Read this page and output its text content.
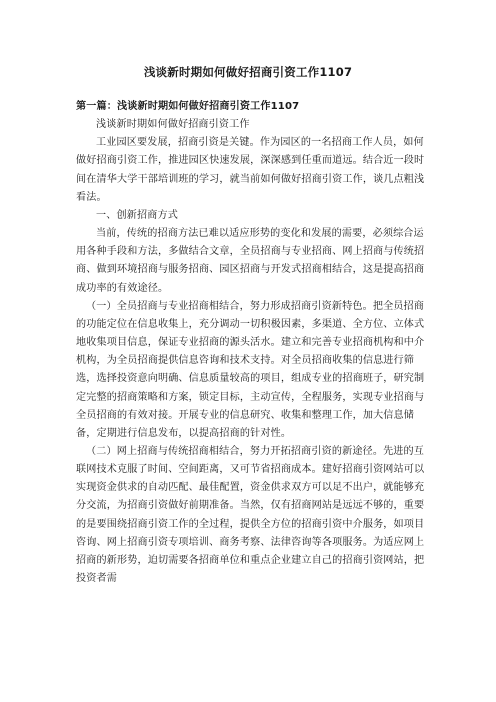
浅谈新时期如何做好招商引资工作1107

第一篇：浅谈新时期如何做好招商引资工作1107

浅谈新时期如何做好招商引资工作

工业园区要发展，招商引资是关键。作为园区的一名招商工作人员，如何做好招商引资工作，推进园区快速发展，深深感到任重而道远。结合近一段时间在清华大学干部培训班的学习，就当前如何做好招商引资工作，谈几点粗浅看法。

一、创新招商方式

当前，传统的招商方法已难以适应形势的变化和发展的需要，必须综合运用各种手段和方法，多做结合文章，全员招商与专业招商、网上招商与传统招商、做到环境招商与服务招商、园区招商与开发式招商相结合，这是提高招商成功率的有效途径。

（一）全员招商与专业招商相结合，努力形成招商引资新特色。把全员招商的功能定位在信息收集上，充分调动一切积极因素，多渠道、全方位、立体式地收集项目信息，保证专业招商的源头活水。建立和完善专业招商机构和中介机构，为全员招商提供信息咨询和技术支持。对全员招商收集的信息进行筛选，选择投资意向明确、信息质量较高的项目，组成专业的招商班子，研究制定完整的招商策略和方案，锁定目标，主动宣传，全程服务，实现专业招商与全员招商的有效对接。开展专业的信息研究、收集和整理工作，加大信息储备，定期进行信息发布，以提高招商的针对性。

（二）网上招商与传统招商相结合，努力开拓招商引资的新途径。先进的互联网技术克服了时间、空间距离，又可节省招商成本。建好招商引资网站可以实现资金供求的自动匹配、最佳配置，资金供求双方可以足不出户，就能够充分交流，为招商引资做好前期准备。当然，仅有招商网站是远远不够的，重要的是要围绕招商引资工作的全过程，提供全方位的招商引资中介服务，如项目咨询、网上招商引资专项培训、商务考察、法律咨询等各项服务。为适应网上招商的新形势，迫切需要各招商单位和重点企业建立自己的招商引资网站，把投资者需
